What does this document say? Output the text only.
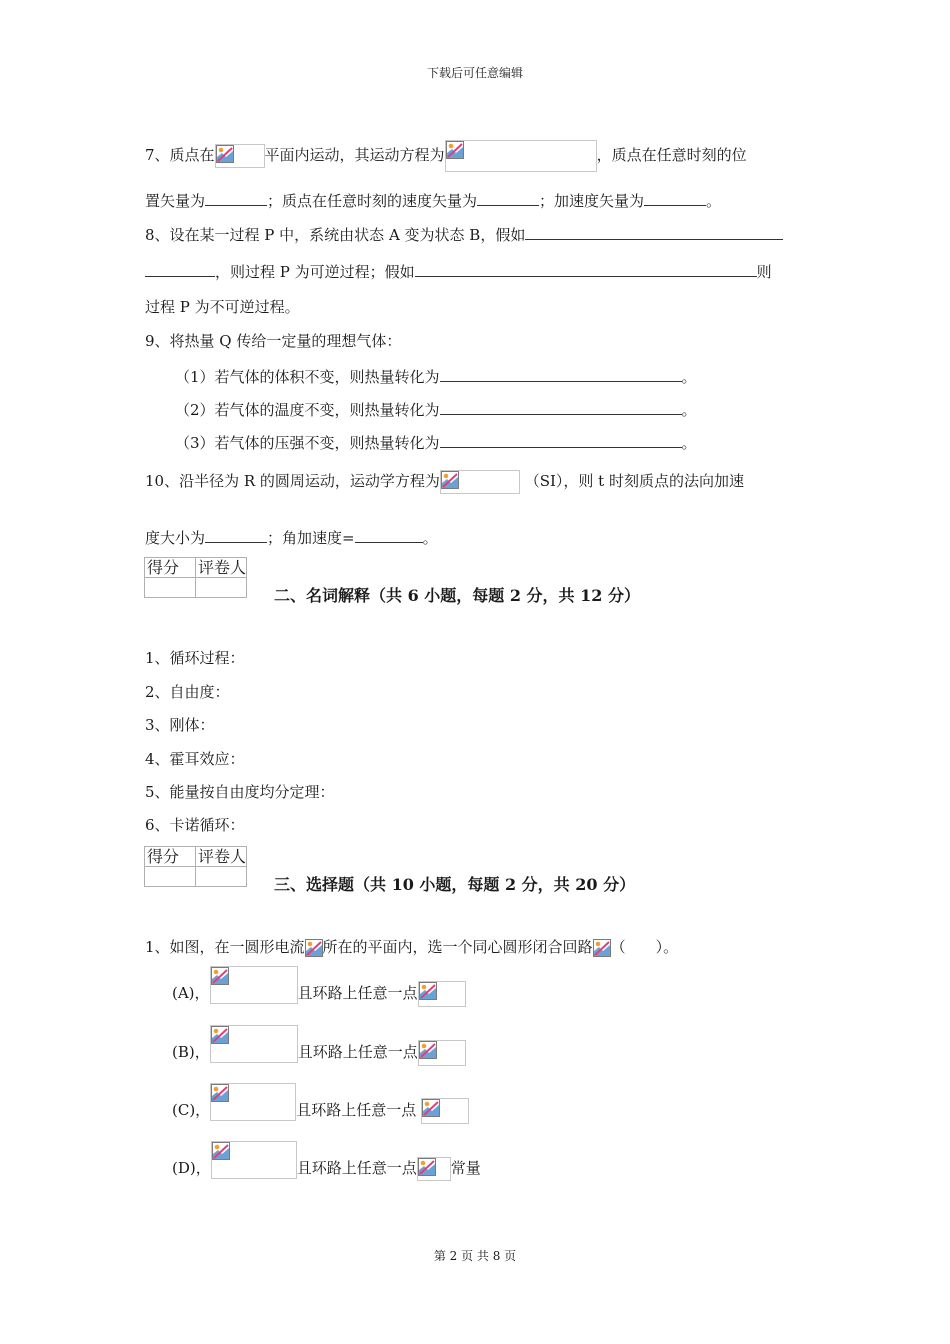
下载后可任意编辑
7、质点在	平面内运动，其运动方程为	，质点在任意时刻的位
置矢量为	；质点在任意时刻的速度矢量为	；加速度矢量为	。
8、设在某一过程 P 中，系统由状态 A 变为状态 B，假如
，则过程 P 为可逆过程；假如	则
过程 P 为不可逆过程。
9、将热量 Q 传给一定量的理想气体：
（1）若气体的体积不变，则热量转化为	。
（2）若气体的温度不变，则热量转化为	。
（3）若气体的压强不变，则热量转化为	。
10、沿半径为 R 的圆周运动，运动学方程为	（SI），则 t 时刻质点的法向加速
度大小为	；角加速度=	。
得分	评卷人

二、名词解释（共 6 小题，每题 2 分，共 12 分）
1、循环过程：
2、自由度：
3、刚体：
4、霍耳效应：
5、能量按自由度均分定理：
6、卡诺循环：
得分	评卷人

三、选择题（共 10 小题，每题 2 分，共 20 分）
1、如图，在一圆形电流 所在的平面内，选一个同心圆形闭合回路 （　　）。
(A)，	且环路上任意一点
(B)，	且环路上任意一点
(C)，	且环路上任意一点
(D)，	且环路上任意一点 常量
第 2 页 共 8 页
